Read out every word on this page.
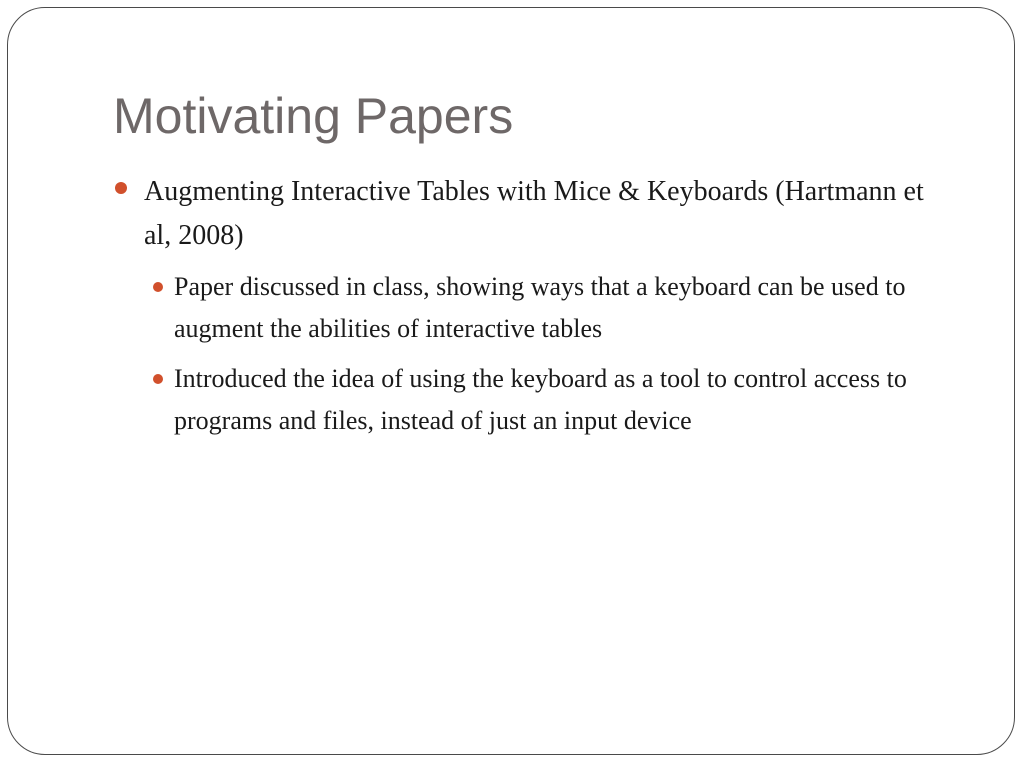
Motivating Papers
Augmenting Interactive Tables with Mice & Keyboards (Hartmann et al, 2008)
Paper discussed in class, showing ways that a keyboard can be used to augment the abilities of interactive tables
Introduced the idea of using the keyboard as a tool to control access to programs and files, instead of just an input device
